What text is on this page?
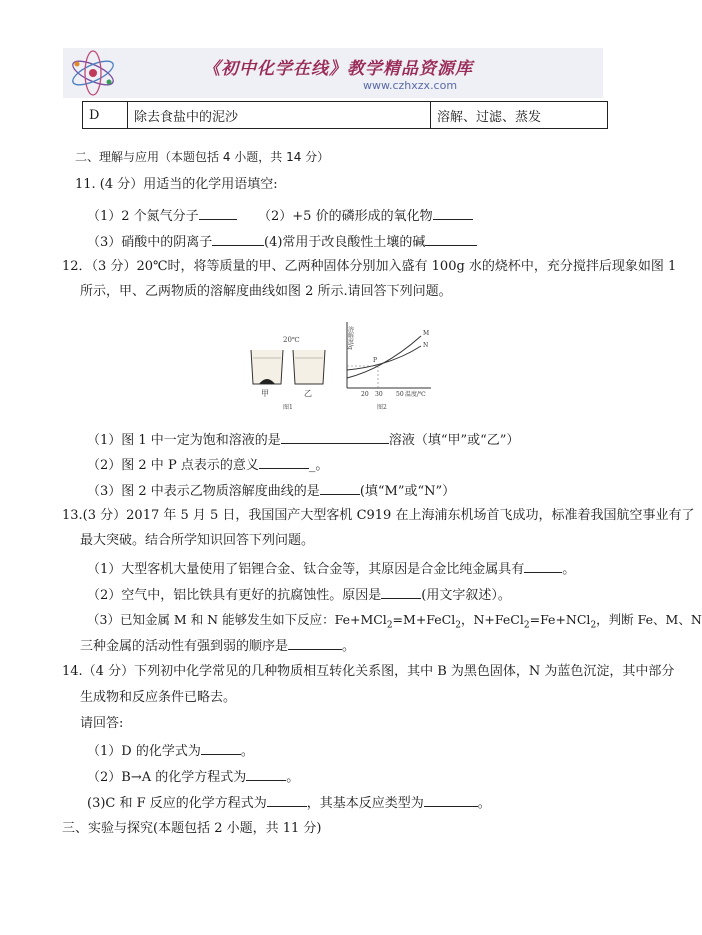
《初中化学在线》教学精品资源库
www.czhxzx.com
D	除去食盐中的泥沙	溶解、过滤、蒸发
二、理解与应用（本题包括 4 小题，共 14 分）
11. (4 分）用适当的化学用语填空:
（1）2 个氮气分子	（2）+5 价的磷形成的氧化物
（3）硝酸中的阴离子	(4)常用于改良酸性土壤的碱
12．（3 分）20℃时，将等质量的甲、乙两种固体分别加入盛有 100g 水的烧杯中，充分搅拌后现象如图 1
所示，甲、乙两物质的溶解度曲线如图 2 所示.请回答下列问题。
20℃
甲	乙
图1
溶解度/g	M
N
P
20 30 50 温度/℃
图2
（1）图 1 中一定为饱和溶液的是	溶液（填“甲”或“乙”）
（2）图 2 中 P 点表示的意义	_。
（3）图 2 中表示乙物质溶解度曲线的是	(填“M”或“N”）
13.(3 分）2017 年 5 月 5 日，我国国产大型客机 C919 在上海浦东机场首飞成功，标准着我国航空事业有了
最大突破。结合所学知识回答下列问题。
（1）大型客机大量使用了铝锂合金、钛合金等，其原因是合金比纯金属具有	。
（2）空气中，铝比铁具有更好的抗腐蚀性。原因是	(用文字叙述）。
（3）已知金属 M 和 N 能够发生如下反应：Fe+MCl$_2$=M+FeCl$_2$，N+FeCl$_2$=Fe+NCl$_2$，判断 Fe、M、N
三种金属的活动性有强到弱的顺序是	。
14.（4 分）下列初中化学常见的几种物质相互转化关系图，其中 B 为黑色固体，N 为蓝色沉淀，其中部分
生成物和反应条件已略去。
请回答:
（1）D 的化学式为	。
（2）B→A 的化学方程式为	。
(3)C 和 F 反应的化学方程式为	，其基本反应类型为	。
三、实验与探究(本题包括 2 小题，共 11 分)
